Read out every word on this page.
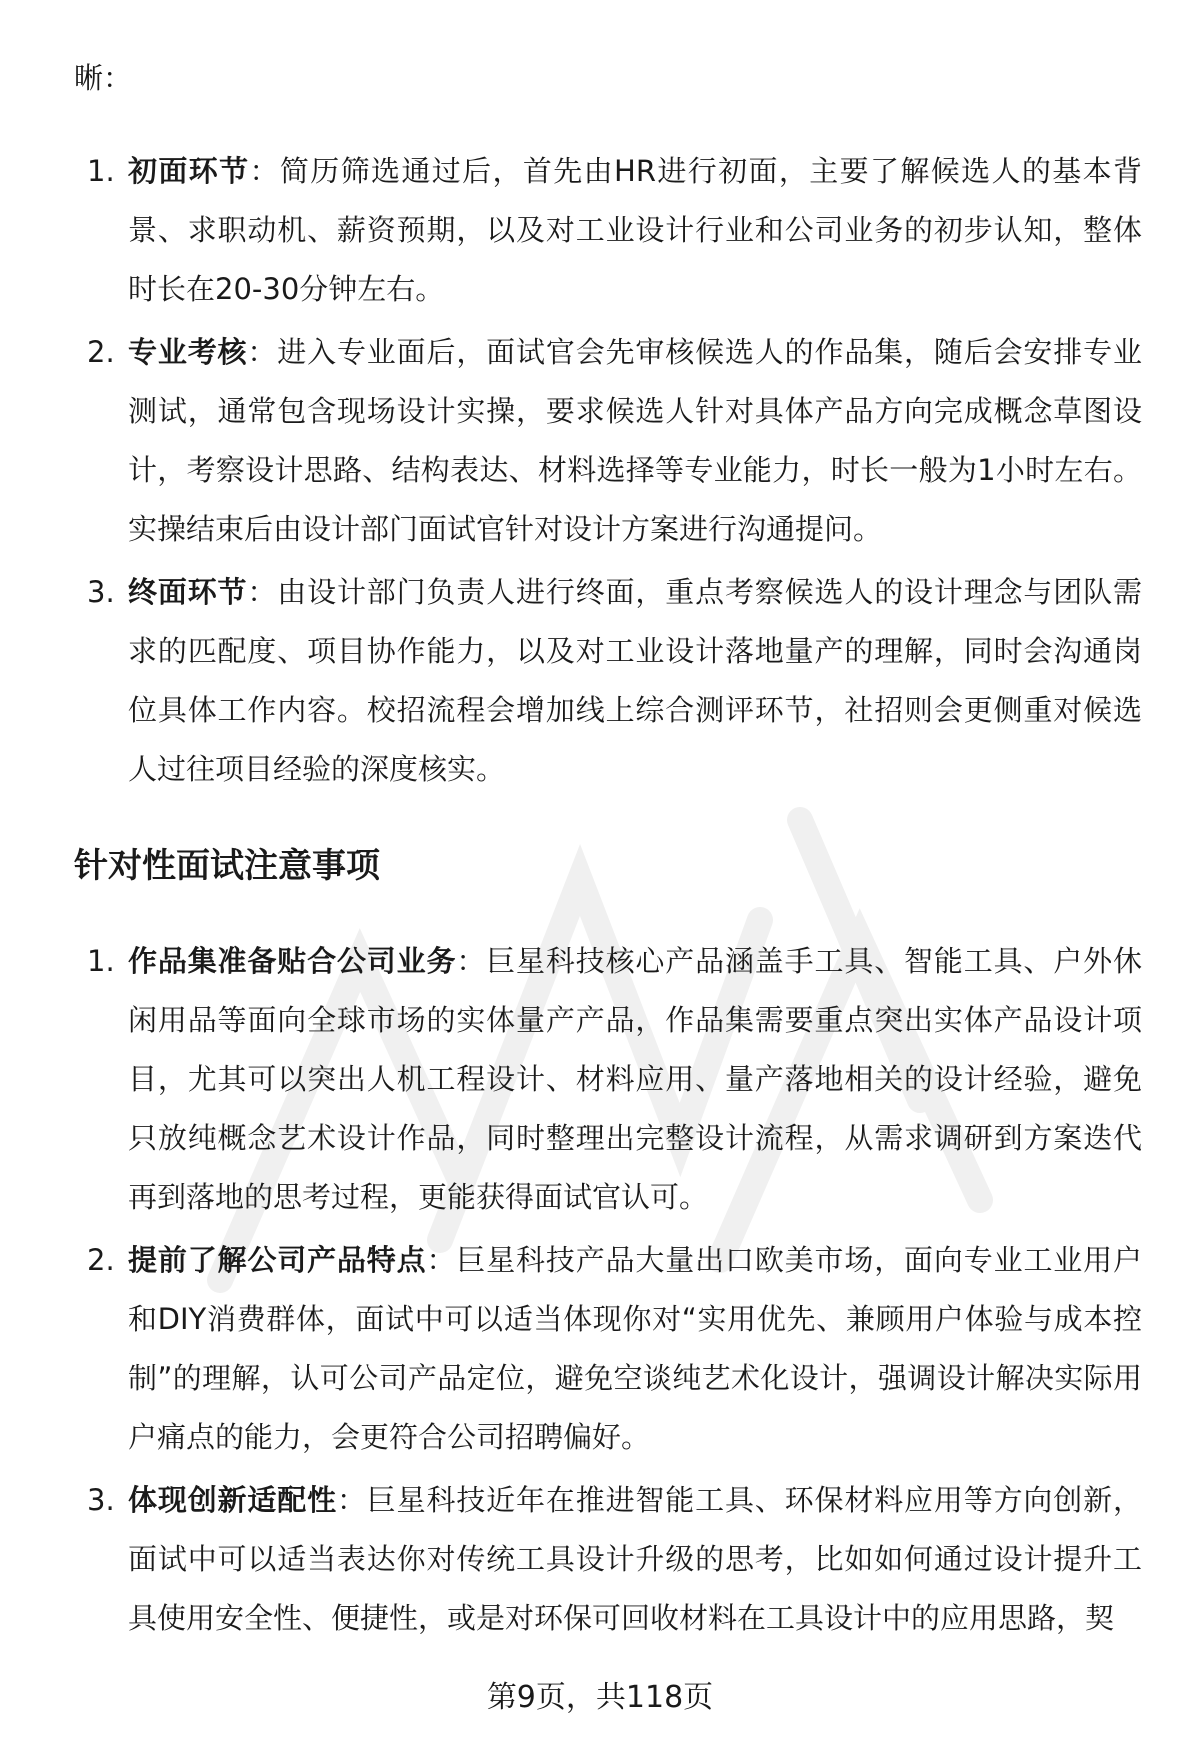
晰：
1. 初面环节：简历筛选通过后，首先由HR进行初面，主要了解候选人的基本背景、求职动机、薪资预期，以及对工业设计行业和公司业务的初步认知，整体时长在20-30分钟左右。
2. 专业考核：进入专业面后，面试官会先审核候选人的作品集，随后会安排专业测试，通常包含现场设计实操，要求候选人针对具体产品方向完成概念草图设计，考察设计思路、结构表达、材料选择等专业能力，时长一般为1小时左右。实操结束后由设计部门面试官针对设计方案进行沟通提问。
3. 终面环节：由设计部门负责人进行终面，重点考察候选人的设计理念与团队需求的匹配度、项目协作能力，以及对工业设计落地量产的理解，同时会沟通岗位具体工作内容。校招流程会增加线上综合测评环节，社招则会更侧重对候选人过往项目经验的深度核实。
针对性面试注意事项
1. 作品集准备贴合公司业务：巨星科技核心产品涵盖手工具、智能工具、户外休闲用品等面向全球市场的实体量产产品，作品集需要重点突出实体产品设计项目，尤其可以突出人机工程设计、材料应用、量产落地相关的设计经验，避免只放纯概念艺术设计作品，同时整理出完整设计流程，从需求调研到方案迭代再到落地的思考过程，更能获得面试官认可。
2. 提前了解公司产品特点：巨星科技产品大量出口欧美市场，面向专业工业用户和DIY消费群体，面试中可以适当体现你对“实用优先、兼顾用户体验与成本控制”的理解，认可公司产品定位，避免空谈纯艺术化设计，强调设计解决实际用户痛点的能力，会更符合公司招聘偏好。
3. 体现创新适配性：巨星科技近年在推进智能工具、环保材料应用等方向创新，面试中可以适当表达你对传统工具设计升级的思考，比如如何通过设计提升工具使用安全性、便捷性，或是对环保可回收材料在工具设计中的应用思路，契
第9页，共118页
